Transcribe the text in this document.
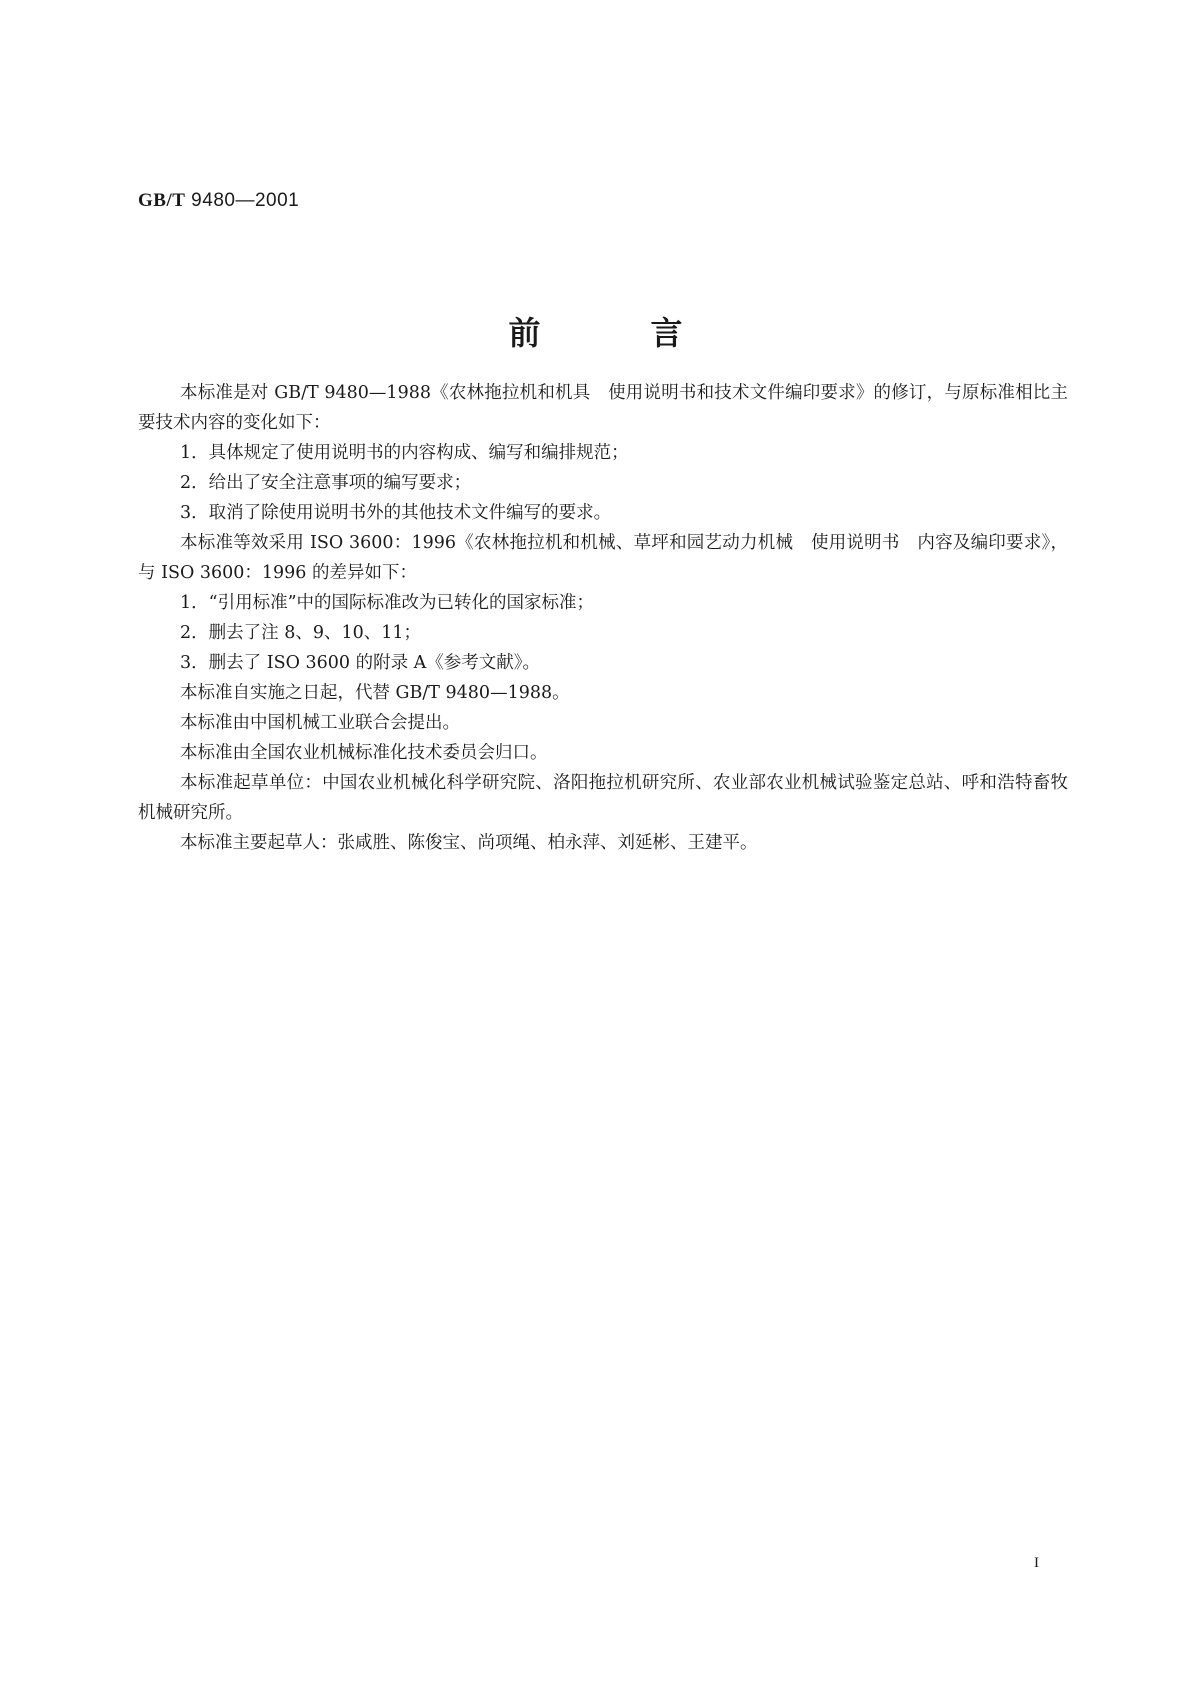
GB/T 9480—2001
前言

本标准是对 GB/T 9480—1988《农林拖拉机和机具　使用说明书和技术文件编印要求》的修订，与原标准相比主要技术内容的变化如下：

1．具体规定了使用说明书的内容构成、编写和编排规范；

2．给出了安全注意事项的编写要求；

3．取消了除使用说明书外的其他技术文件编写的要求。

本标准等效采用 ISO 3600：1996《农林拖拉机和机械、草坪和园艺动力机械　使用说明书　内容及编印要求》，与 ISO 3600：1996 的差异如下：

1．“引用标准”中的国际标准改为已转化的国家标准；

2．删去了注 8、9、10、11；

3．删去了 ISO 3600 的附录 A《参考文献》。

本标准自实施之日起，代替 GB/T 9480—1988。

本标准由中国机械工业联合会提出。

本标准由全国农业机械标准化技术委员会归口。

本标准起草单位：中国农业机械化科学研究院、洛阳拖拉机研究所、农业部农业机械试验鉴定总站、呼和浩特畜牧机械研究所。

本标准主要起草人：张咸胜、陈俊宝、尚项绳、柏永萍、刘延彬、王建平。

I
